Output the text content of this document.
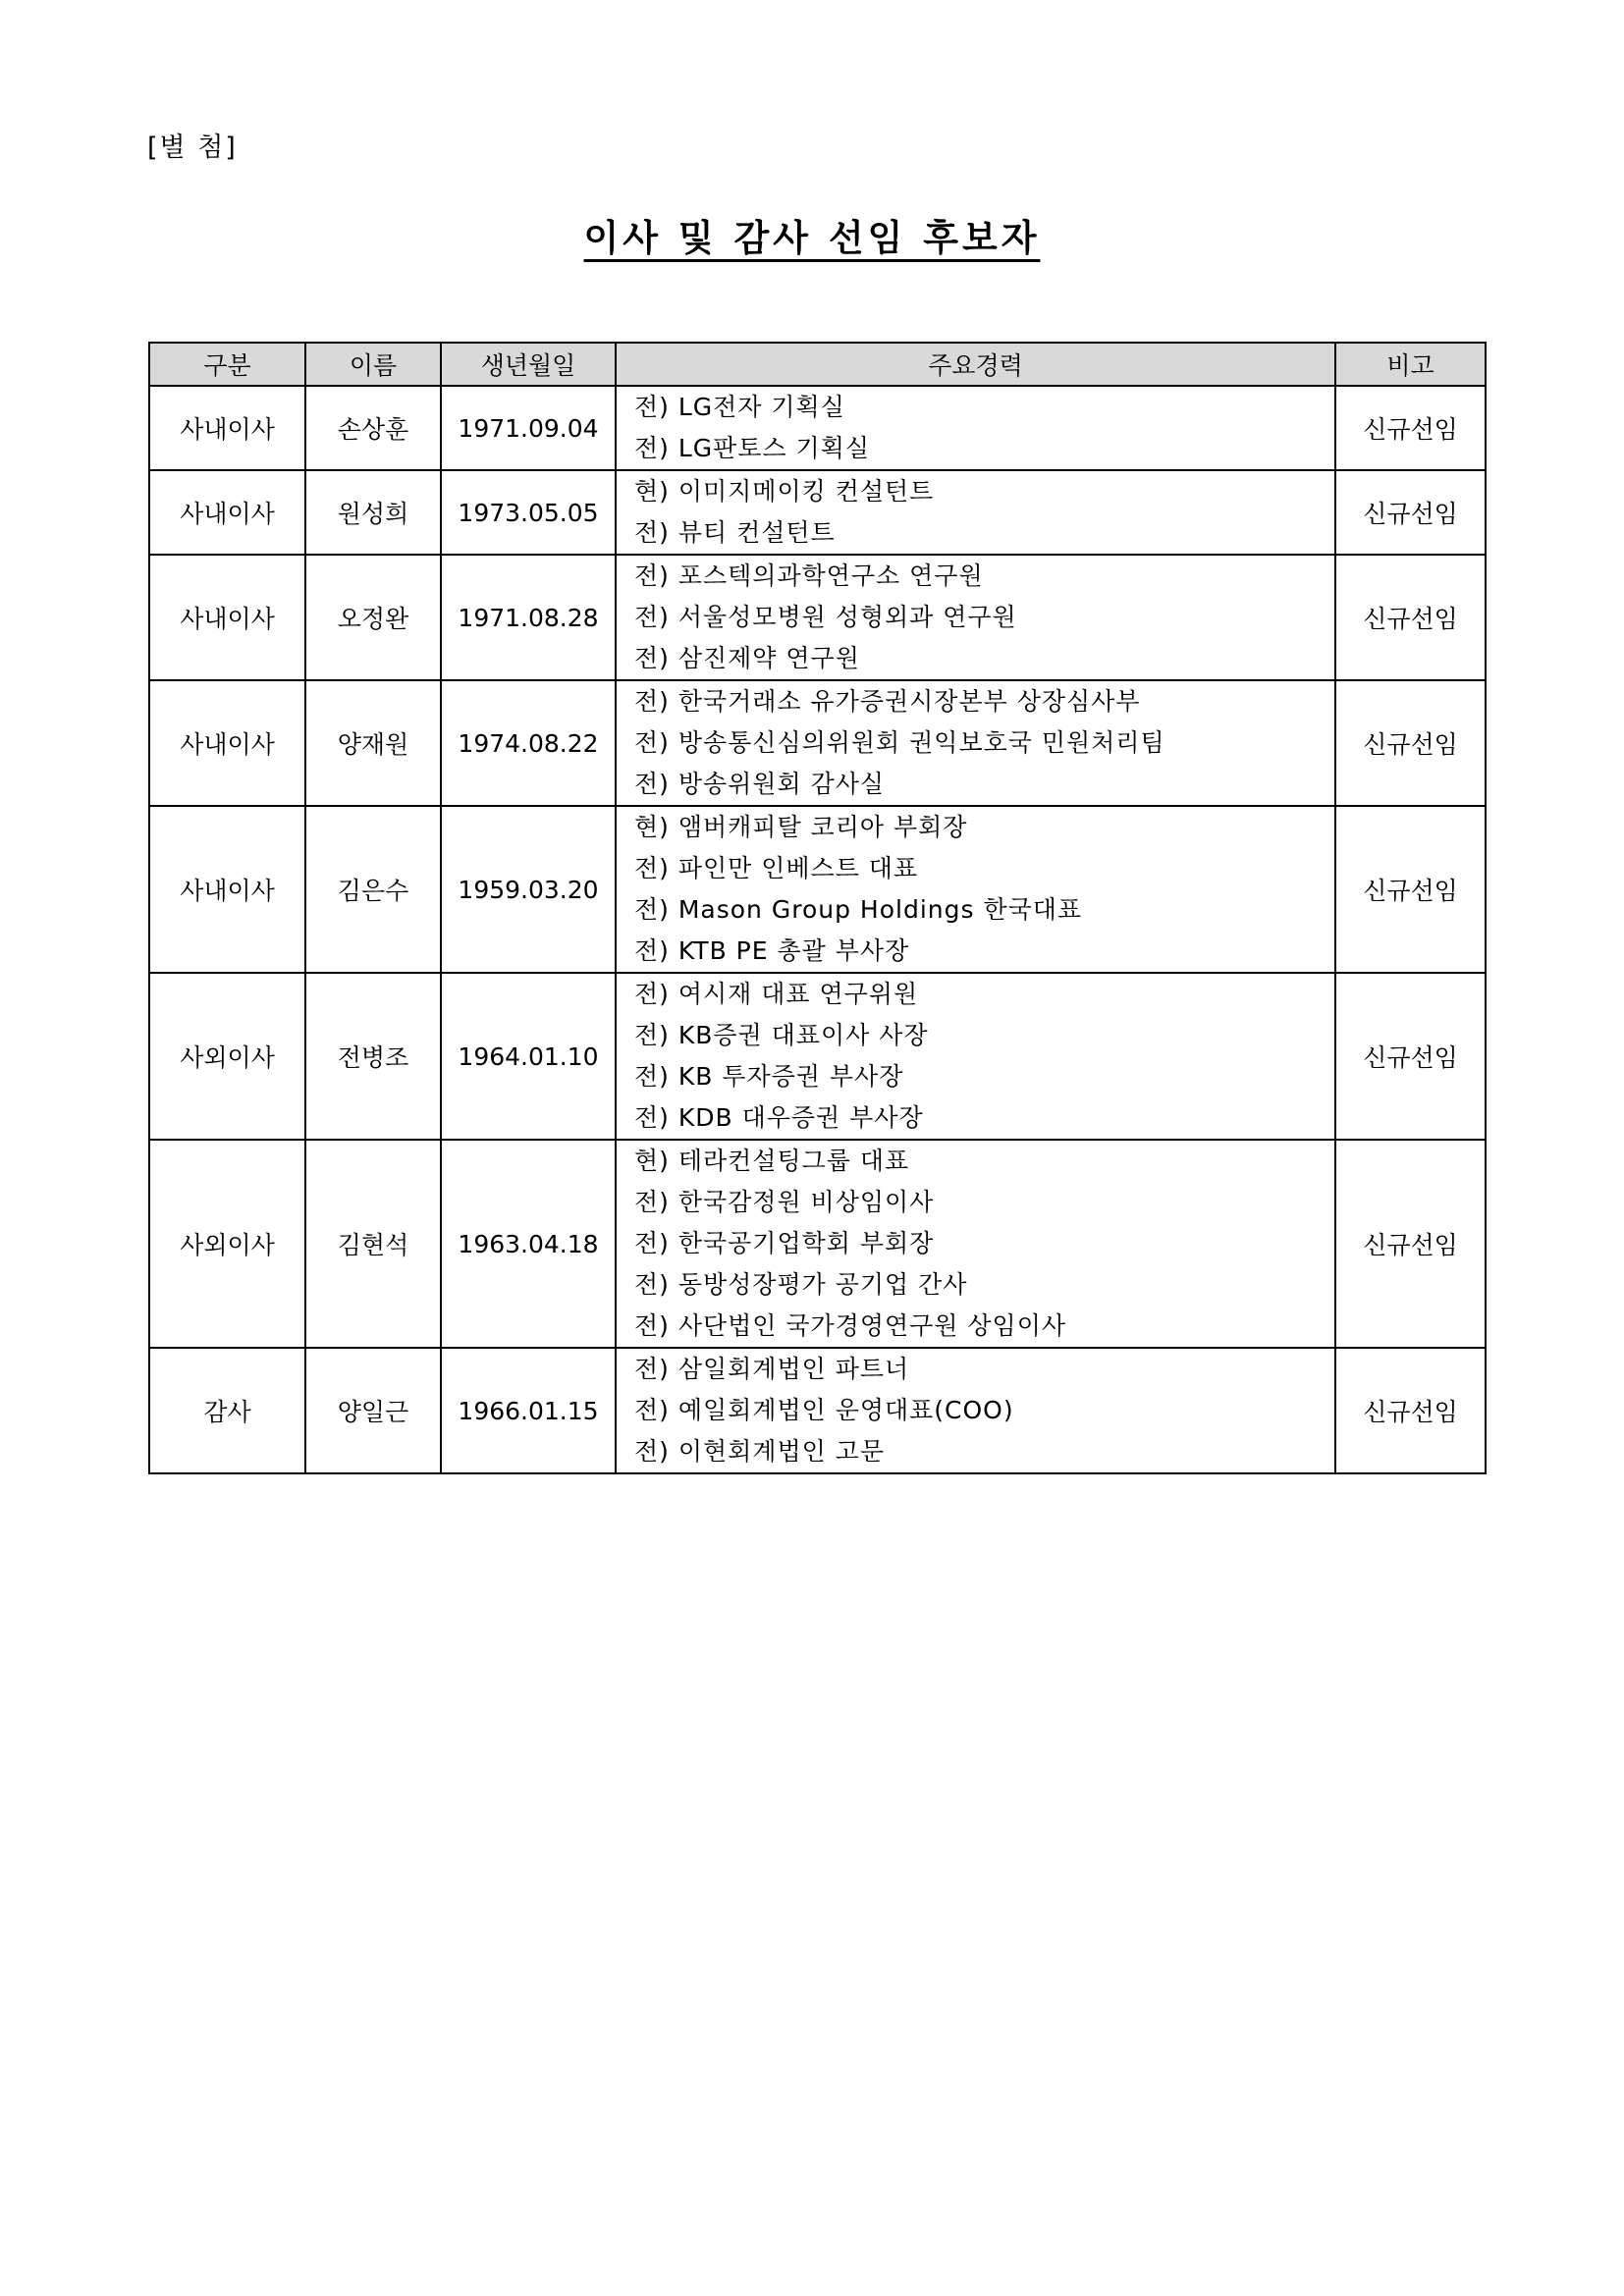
[별 첨]
이사 및 감사 선임 후보자
구분	이름	생년월일	주요경력	비고
사내이사	손상훈	1971.09.04	전) LG전자 기획실
전) LG판토스 기획실	신규선임
사내이사	원성희	1973.05.05	현) 이미지메이킹 컨설턴트
전) 뷰티 컨설턴트	신규선임
사내이사	오정완	1971.08.28	전) 포스텍의과학연구소 연구원
전) 서울성모병원 성형외과 연구원
전) 삼진제약 연구원	신규선임
사내이사	양재원	1974.08.22	전) 한국거래소 유가증권시장본부 상장심사부
전) 방송통신심의위원회 권익보호국 민원처리팀
전) 방송위원회 감사실	신규선임
사내이사	김은수	1959.03.20	현) 앰버캐피탈 코리아 부회장
전) 파인만 인베스트 대표
전) Mason Group Holdings 한국대표
전) KTB PE 총괄 부사장	신규선임
사외이사	전병조	1964.01.10	전) 여시재 대표 연구위원
전) KB증권 대표이사 사장
전) KB 투자증권 부사장
전) KDB 대우증권 부사장	신규선임
사외이사	김현석	1963.04.18	현) 테라컨설팅그룹 대표
전) 한국감정원 비상임이사
전) 한국공기업학회 부회장
전) 동방성장평가 공기업 간사
전) 사단법인 국가경영연구원 상임이사	신규선임
감사	양일근	1966.01.15	전) 삼일회계법인 파트너
전) 예일회계법인 운영대표(COO)
전) 이현회계법인 고문	신규선임
